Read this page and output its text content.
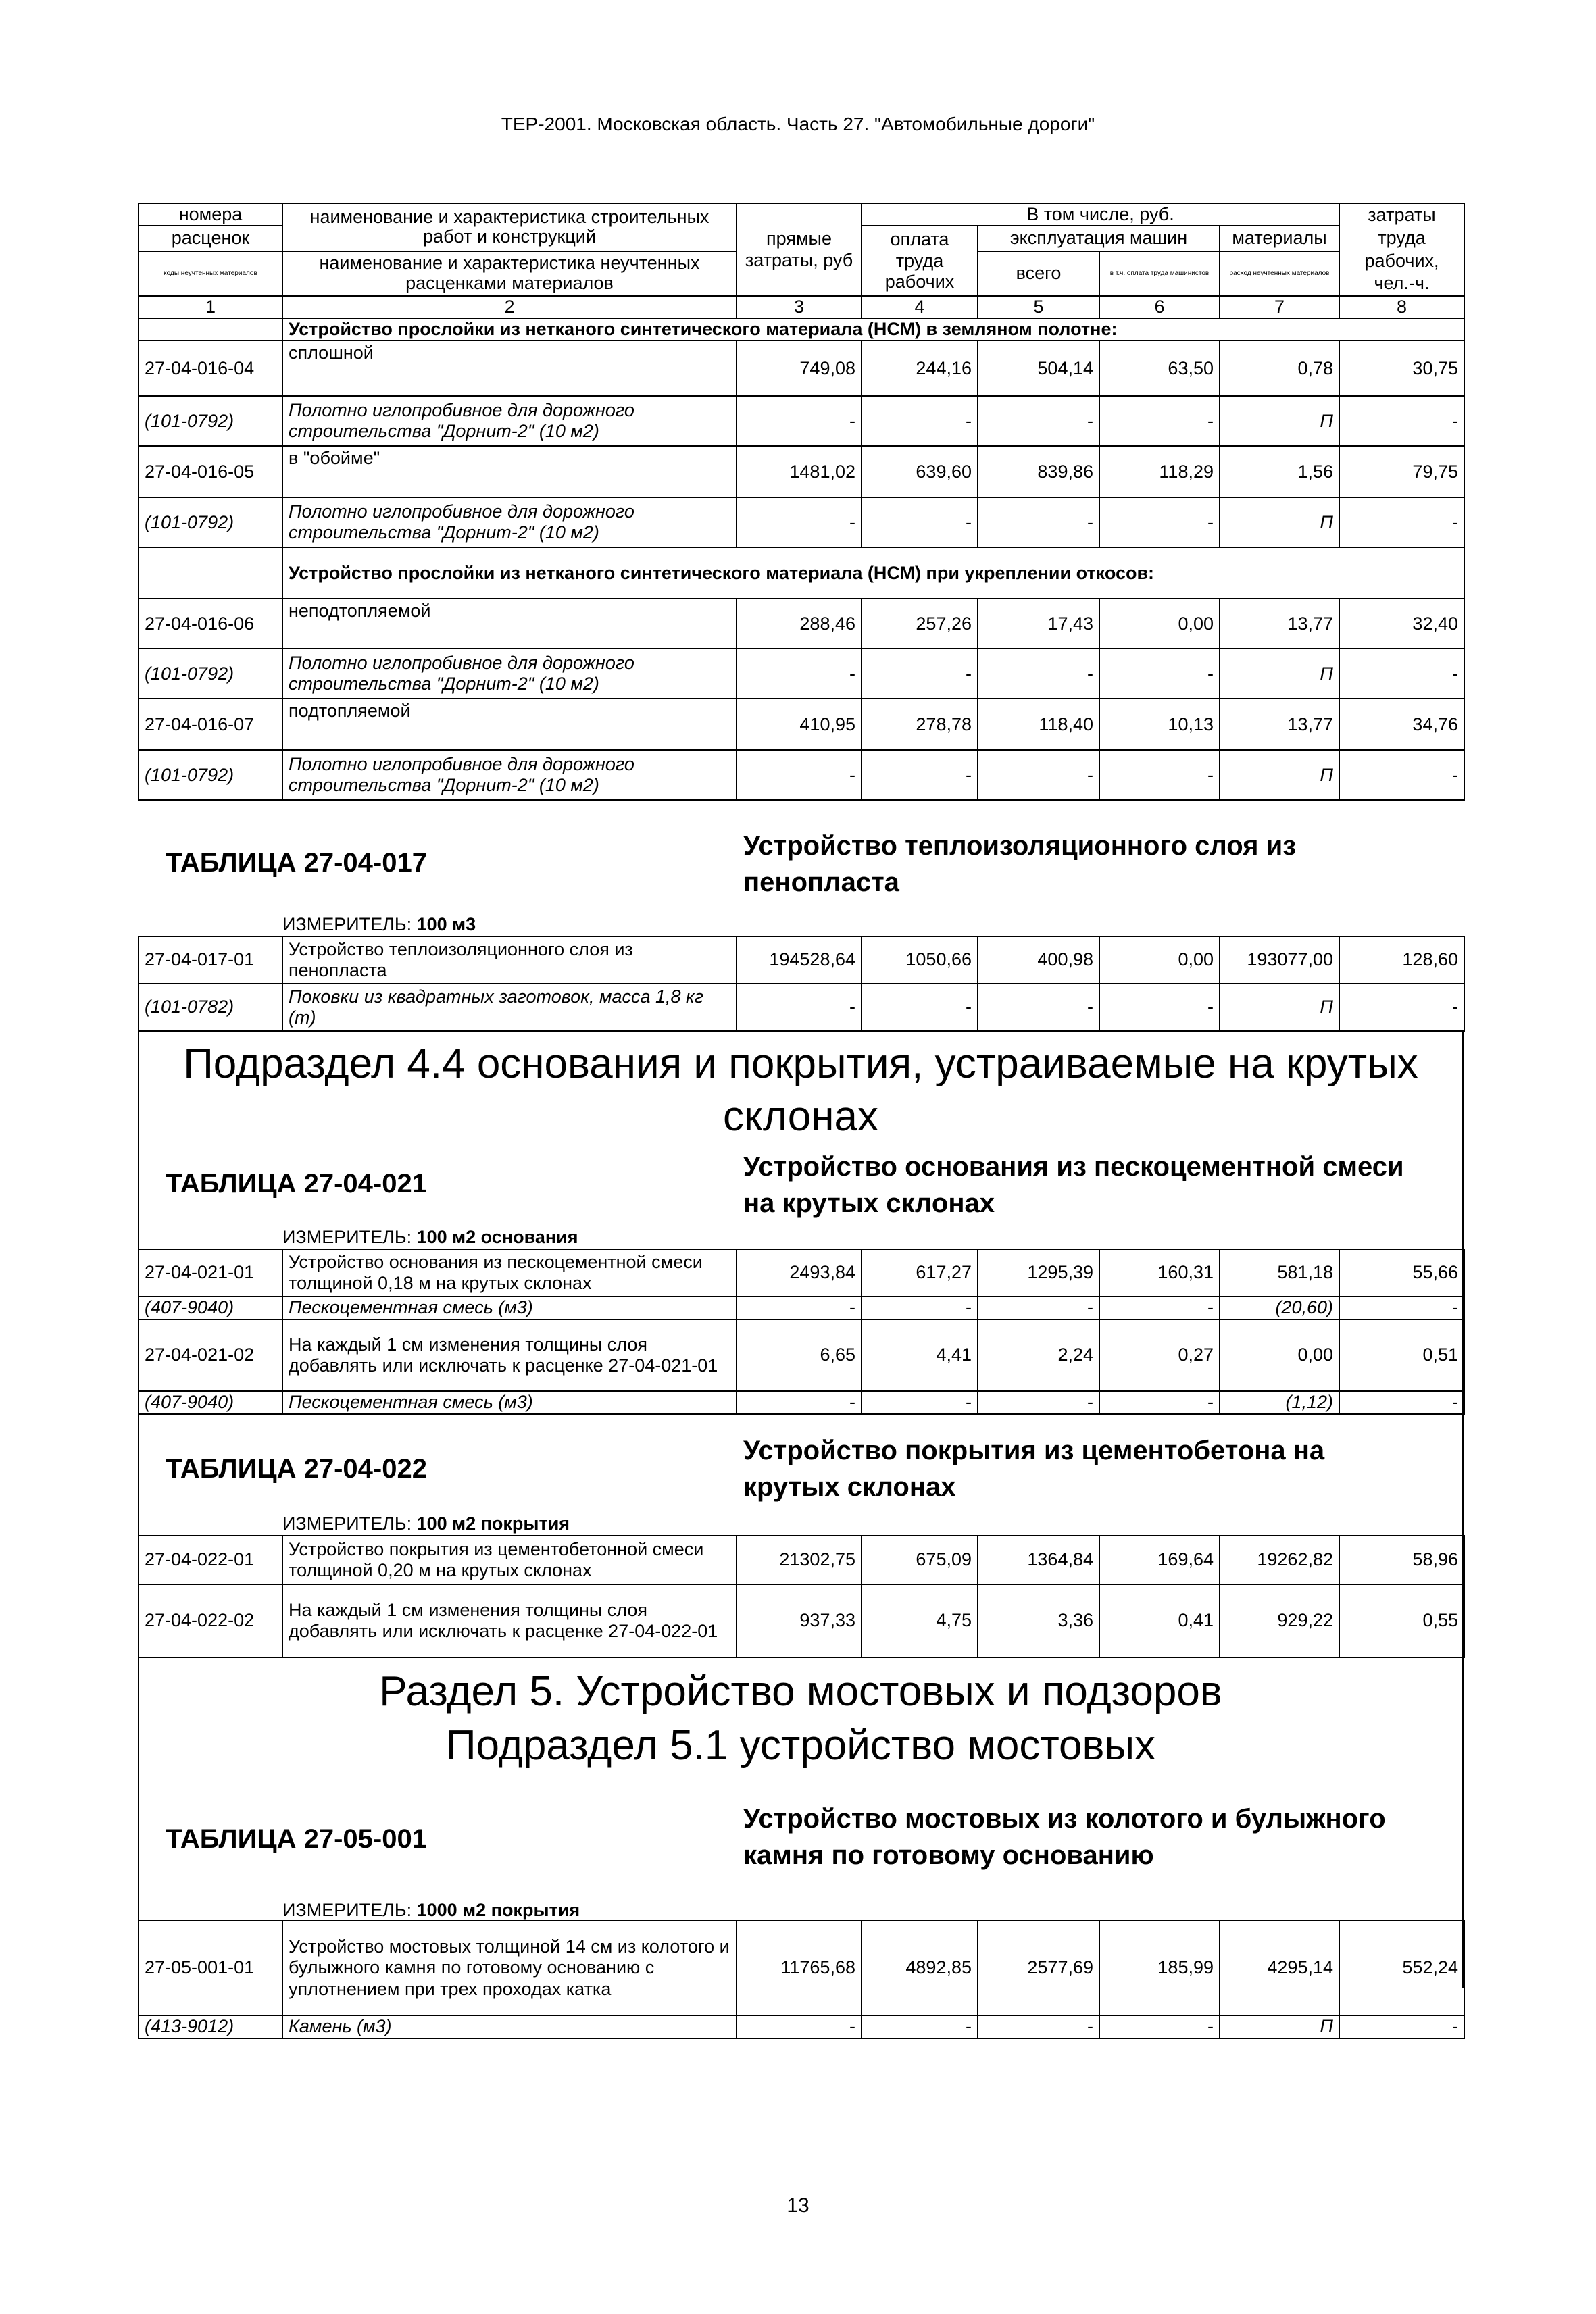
ТЕР-2001. Московская область. Часть 27. "Автомобильные дороги"
номера	наименование и характеристика строительных работ и конструкций	прямые затраты, руб	В том числе, руб.				затраты труда рабочих, чел.-ч.
расценок			оплата труда рабочих	эксплуатация машин		материалы	
коды неучтенных материалов	наименование и характеристика неучтенных расценками материалов			всего	в т.ч. оплата труда машинистов	расход неучтенных материалов	

1	2	3	4	5	6	7	8
	Устройство прослойки из нетканого синтетического материала (НСМ) в земляном полотне:						
27-04-016-04	сплошной	749,08	244,16	504,14	63,50	0,78	30,75
(101-0792)	Полотно иглопробивное для дорожного строительства "Дорнит-2" (10 м2)	-	-	-	-	П	-
27-04-016-05	в "обойме"	1481,02	639,60	839,86	118,29	1,56	79,75
(101-0792)	Полотно иглопробивное для дорожного строительства "Дорнит-2" (10 м2)	-	-	-	-	П	-
	Устройство прослойки из нетканого синтетического материала (НСМ) при укреплении откосов:						
27-04-016-06	неподтопляемой	288,46	257,26	17,43	0,00	13,77	32,40
(101-0792)	Полотно иглопробивное для дорожного строительства "Дорнит-2" (10 м2)	-	-	-	-	П	-
27-04-016-07	подтопляемой	410,95	278,78	118,40	10,13	13,77	34,76
(101-0792)	Полотно иглопробивное для дорожного строительства "Дорнит-2" (10 м2)	-	-	-	-	П	-
ТАБЛИЦА 27-04-017
Устройство теплоизоляционного слоя из пенопласта
ИЗМЕРИТЕЛЬ: 100 м3
27-04-017-01	Устройство теплоизоляционного слоя из пенопласта	194528,64	1050,66	400,98	0,00	193077,00	128,60
(101-0782)	Поковки из квадратных заготовок, масса 1,8 кг (т)	-	-	-	-	П	-
Подраздел 4.4 основания и покрытия, устраиваемые на крутых склонах
ТАБЛИЦА 27-04-021
Устройство основания из пескоцементной смеси на крутых склонах
ИЗМЕРИТЕЛЬ: 100 м2 основания
27-04-021-01	Устройство основания из пескоцементной смеси толщиной 0,18 м на крутых склонах	2493,84	617,27	1295,39	160,31	581,18	55,66
(407-9040)	Пескоцементная смесь (м3)	-	-	-	-	(20,60)	-
27-04-021-02	На каждый 1 см изменения толщины слоя добавлять или исключать к расценке 27-04-021-01	6,65	4,41	2,24	0,27	0,00	0,51
(407-9040)	Пескоцементная смесь (м3)	-	-	-	-	(1,12)	-
ТАБЛИЦА 27-04-022
Устройство покрытия из цементобетона на крутых склонах
ИЗМЕРИТЕЛЬ: 100 м2 покрытия
27-04-022-01	Устройство покрытия из цементобетонной смеси толщиной 0,20 м на крутых склонах	21302,75	675,09	1364,84	169,64	19262,82	58,96
27-04-022-02	На каждый 1 см изменения толщины слоя добавлять или исключать к расценке 27-04-022-01	937,33	4,75	3,36	0,41	929,22	0,55
Раздел 5. Устройство мостовых и подзоров
Подраздел 5.1 устройство мостовых
ТАБЛИЦА 27-05-001
Устройство мостовых из колотого и булыжного камня по готовому основанию
ИЗМЕРИТЕЛЬ: 1000 м2 покрытия
27-05-001-01	Устройство мостовых толщиной 14 см из колотого и булыжного камня по готовому основанию с уплотнением при трех проходах катка	11765,68	4892,85	2577,69	185,99	4295,14	552,24
(413-9012)	Камень (м3)	-	-	-	-	П	-
13
